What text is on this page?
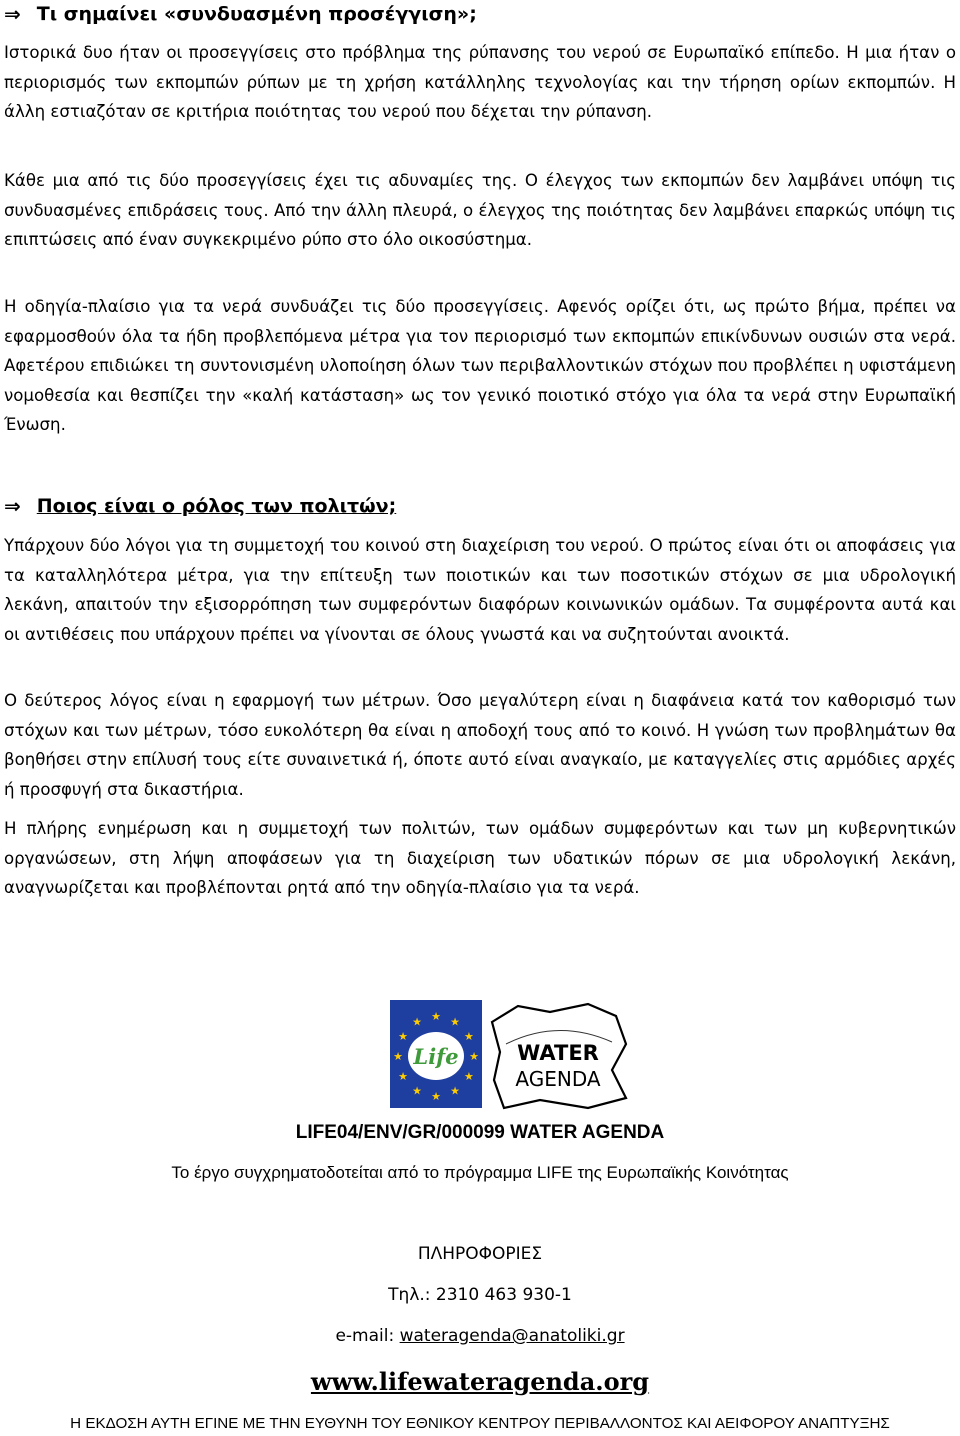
⇒ Τι σημαίνει «συνδυασμένη προσέγγιση»;

Ιστορικά δυο ήταν οι προσεγγίσεις στο πρόβλημα της ρύπανσης του νερού σε Ευρωπαϊκό επίπεδο. Η μια ήταν ο περιορισμός των εκπομπών ρύπων με τη χρήση κατάλληλης τεχνολογίας και την τήρηση ορίων εκπομπών. Η άλλη εστιαζόταν σε κριτήρια ποιότητας του νερού που δέχεται την ρύπανση.

Κάθε μια από τις δύο προσεγγίσεις έχει τις αδυναμίες της. Ο έλεγχος των εκπομπών δεν λαμβάνει υπόψη τις συνδυασμένες επιδράσεις τους. Από την άλλη πλευρά, ο έλεγχος της ποιότητας δεν λαμβάνει επαρκώς υπόψη τις επιπτώσεις από έναν συγκεκριμένο ρύπο στο όλο οικοσύστημα.

Η οδηγία-πλαίσιο για τα νερά συνδυάζει τις δύο προσεγγίσεις. Αφενός ορίζει ότι, ως πρώτο βήμα, πρέπει να εφαρμοσθούν όλα τα ήδη προβλεπόμενα μέτρα για τον περιορισμό των εκπομπών επικίνδυνων ουσιών στα νερά. Αφετέρου επιδιώκει τη συντονισμένη υλοποίηση όλων των περιβαλλοντικών στόχων που προβλέπει η υφιστάμενη νομοθεσία και θεσπίζει την «καλή κατάσταση» ως τον γενικό ποιοτικό στόχο για όλα τα νερά στην Ευρωπαϊκή Ένωση.

⇒ Ποιος είναι ο ρόλος των πολιτών;

Υπάρχουν δύο λόγοι για τη συμμετοχή του κοινού στη διαχείριση του νερού. Ο πρώτος είναι ότι οι αποφάσεις για τα καταλληλότερα μέτρα, για την επίτευξη των ποιοτικών και των ποσοτικών στόχων σε μια υδρολογική λεκάνη, απαιτούν την εξισορρόπηση των συμφερόντων διαφόρων κοινωνικών ομάδων. Τα συμφέροντα αυτά και οι αντιθέσεις που υπάρχουν πρέπει να γίνονται σε όλους γνωστά και να συζητούνται ανοικτά.

Ο δεύτερος λόγος είναι η εφαρμογή των μέτρων. Όσο μεγαλύτερη είναι η διαφάνεια κατά τον καθορισμό των στόχων και των μέτρων, τόσο ευκολότερη θα είναι η αποδοχή τους από το κοινό. Η γνώση των προβλημάτων θα βοηθήσει στην επίλυσή τους είτε συναινετικά ή, όποτε αυτό είναι αναγκαίο, με καταγγελίες στις αρμόδιες αρχές ή προσφυγή στα δικαστήρια.

Η πλήρης ενημέρωση και η συμμετοχή των πολιτών, των ομάδων συμφερόντων και των μη κυβερνητικών οργανώσεων, στη λήψη αποφάσεων για τη διαχείριση των υδατικών πόρων σε μια υδρολογική λεκάνη, αναγνωρίζεται και προβλέπονται ρητά από την οδηγία-πλαίσιο για τα νερά.

★
★
★
★
★
★
★
★
★ ★ ★
★
Life	WATER
AGENDA
LIFE04/ENV/GR/000099 WATER AGENDA
Το έργο συγχρηματοδοτείται από το πρόγραμμα LIFE της Ευρωπαϊκής Κοινότητας
ΠΛΗΡΟΦΟΡΙΕΣ
Τηλ.: 2310 463 930-1
e-mail: wateragenda@anatoliki.gr
www.lifewateragenda.org
Η ΕΚΔΟΣΗ ΑΥΤΗ ΕΓΙΝΕ ΜΕ ΤΗΝ ΕΥΘΥΝΗ ΤΟΥ ΕΘΝΙΚΟΥ ΚΕΝΤΡΟΥ ΠΕΡΙΒΑΛΛΟΝΤΟΣ ΚΑΙ ΑΕΙΦΟΡΟΥ ΑΝΑΠΤΥΞΗΣ
